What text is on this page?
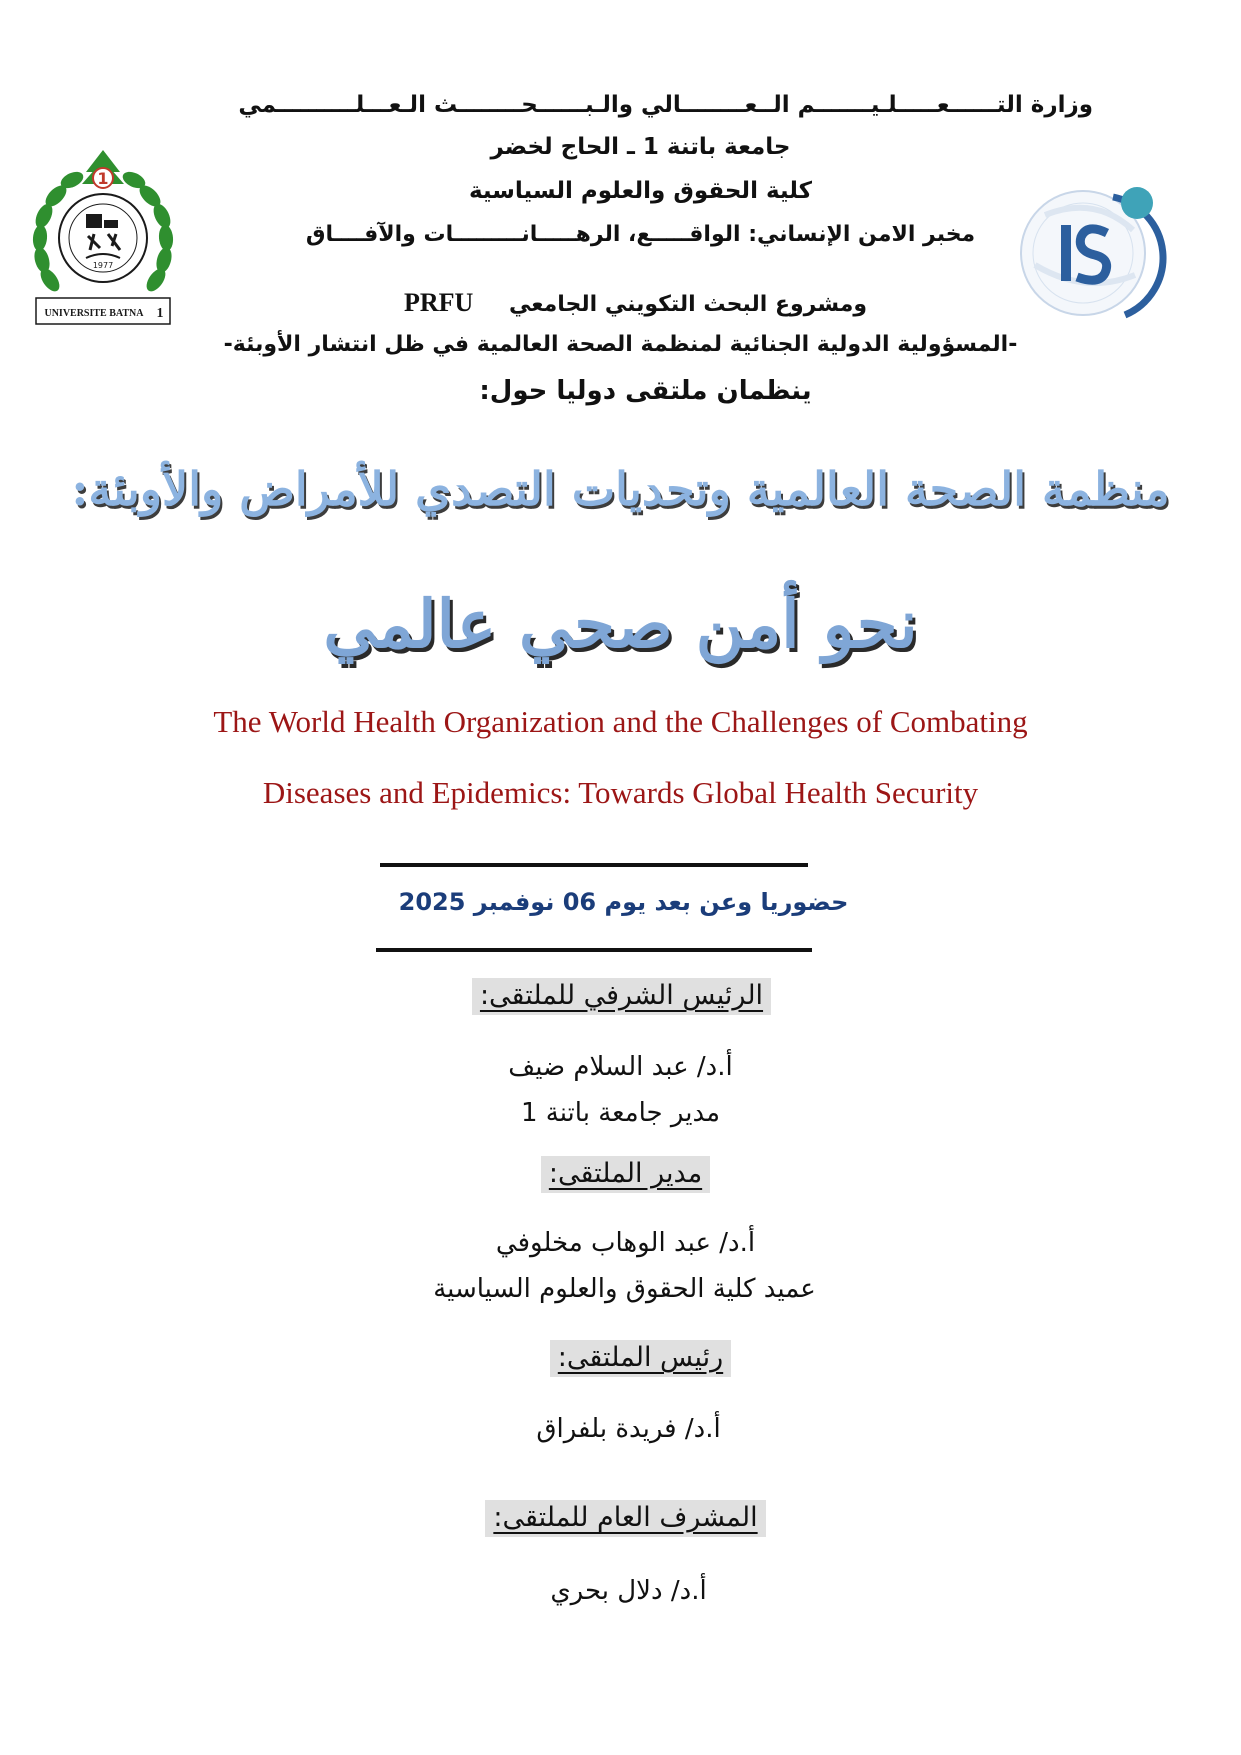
وزارة التــــــعـــــلـيـــــــم الــعــــــــالي والـبــــــحــــــــث الـعـــلــــــــــمي
جامعة باتنة 1 ـ الحاج لخضر
كلية الحقوق والعلوم السياسية
مخبر الامن الإنساني: الواقـــــع، الرهـــــانـــــــــات والآفــــاق
PRFU ومشروع البحث التكويني الجامعي
-المسؤولية الدولية الجنائية لمنظمة الصحة العالمية في ظل انتشار الأوبئة-
ينظمان ملتقى دوليا حول:
1
1977
UNIVERSITE BATNA 1
منظمة الصحة العالمية وتحديات التصدي للأمراض والأوبئة:
نحو أمن صحي عالمي
The World Health Organization and the Challenges of Combating
Diseases and Epidemics: Towards Global Health Security
حضوريا وعن بعد يوم 06 نوفمبر 2025
الرئيس الشرفي للملتقى:
أ.د/ عبد السلام ضيف
مدير جامعة باتنة 1
مدير الملتقى:
أ.د/ عبد الوهاب مخلوفي
عميد كلية الحقوق والعلوم السياسية
رئيس الملتقى:
أ.د/ فريدة بلفراق
المشرف العام للملتقى:
أ.د/ دلال بحري
